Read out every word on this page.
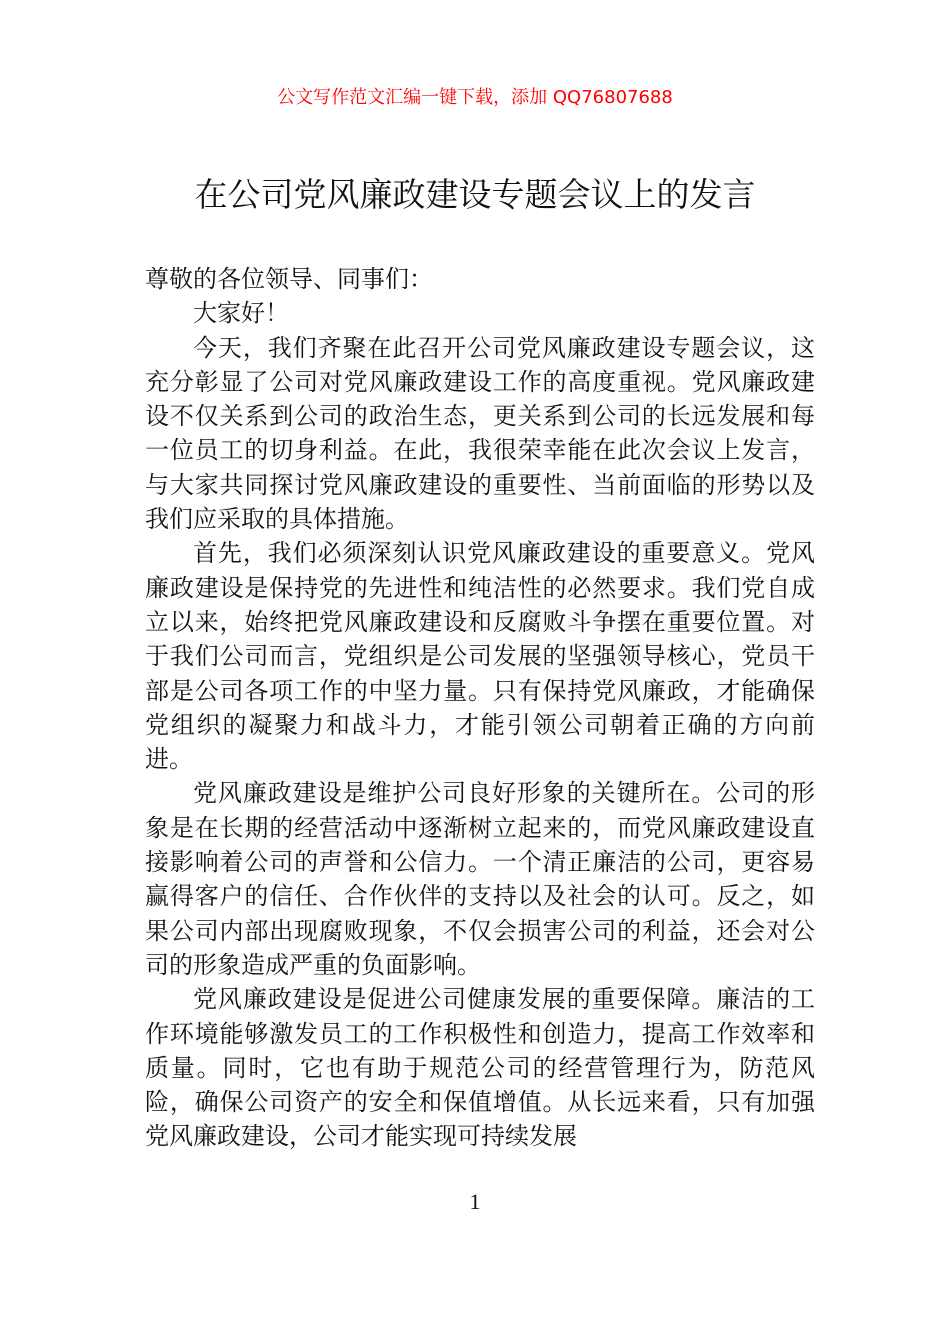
公文写作范文汇编一键下载，添加 QQ76807688
在公司党风廉政建设专题会议上的发言

尊敬的各位领导、同事们：

大家好！

今天，我们齐聚在此召开公司党风廉政建设专题会议，这充分彰显了公司对党风廉政建设工作的高度重视。党风廉政建设不仅关系到公司的政治生态，更关系到公司的长远发展和每一位员工的切身利益。在此，我很荣幸能在此次会议上发言，与大家共同探讨党风廉政建设的重要性、当前面临的形势以及我们应采取的具体措施。

首先，我们必须深刻认识党风廉政建设的重要意义。党风廉政建设是保持党的先进性和纯洁性的必然要求。我们党自成立以来，始终把党风廉政建设和反腐败斗争摆在重要位置。对于我们公司而言，党组织是公司发展的坚强领导核心，党员干部是公司各项工作的中坚力量。只有保持党风廉政，才能确保党组织的凝聚力和战斗力，才能引领公司朝着正确的方向前进。

党风廉政建设是维护公司良好形象的关键所在。公司的形象是在长期的经营活动中逐渐树立起来的，而党风廉政建设直接影响着公司的声誉和公信力。一个清正廉洁的公司，更容易赢得客户的信任、合作伙伴的支持以及社会的认可。反之，如果公司内部出现腐败现象，不仅会损害公司的利益，还会对公司的形象造成严重的负面影响。

党风廉政建设是促进公司健康发展的重要保障。廉洁的工作环境能够激发员工的工作积极性和创造力，提高工作效率和质量。同时，它也有助于规范公司的经营管理行为，防范风险，确保公司资产的安全和保值增值。从长远来看，只有加强党风廉政建设，公司才能实现可持续发展

1
